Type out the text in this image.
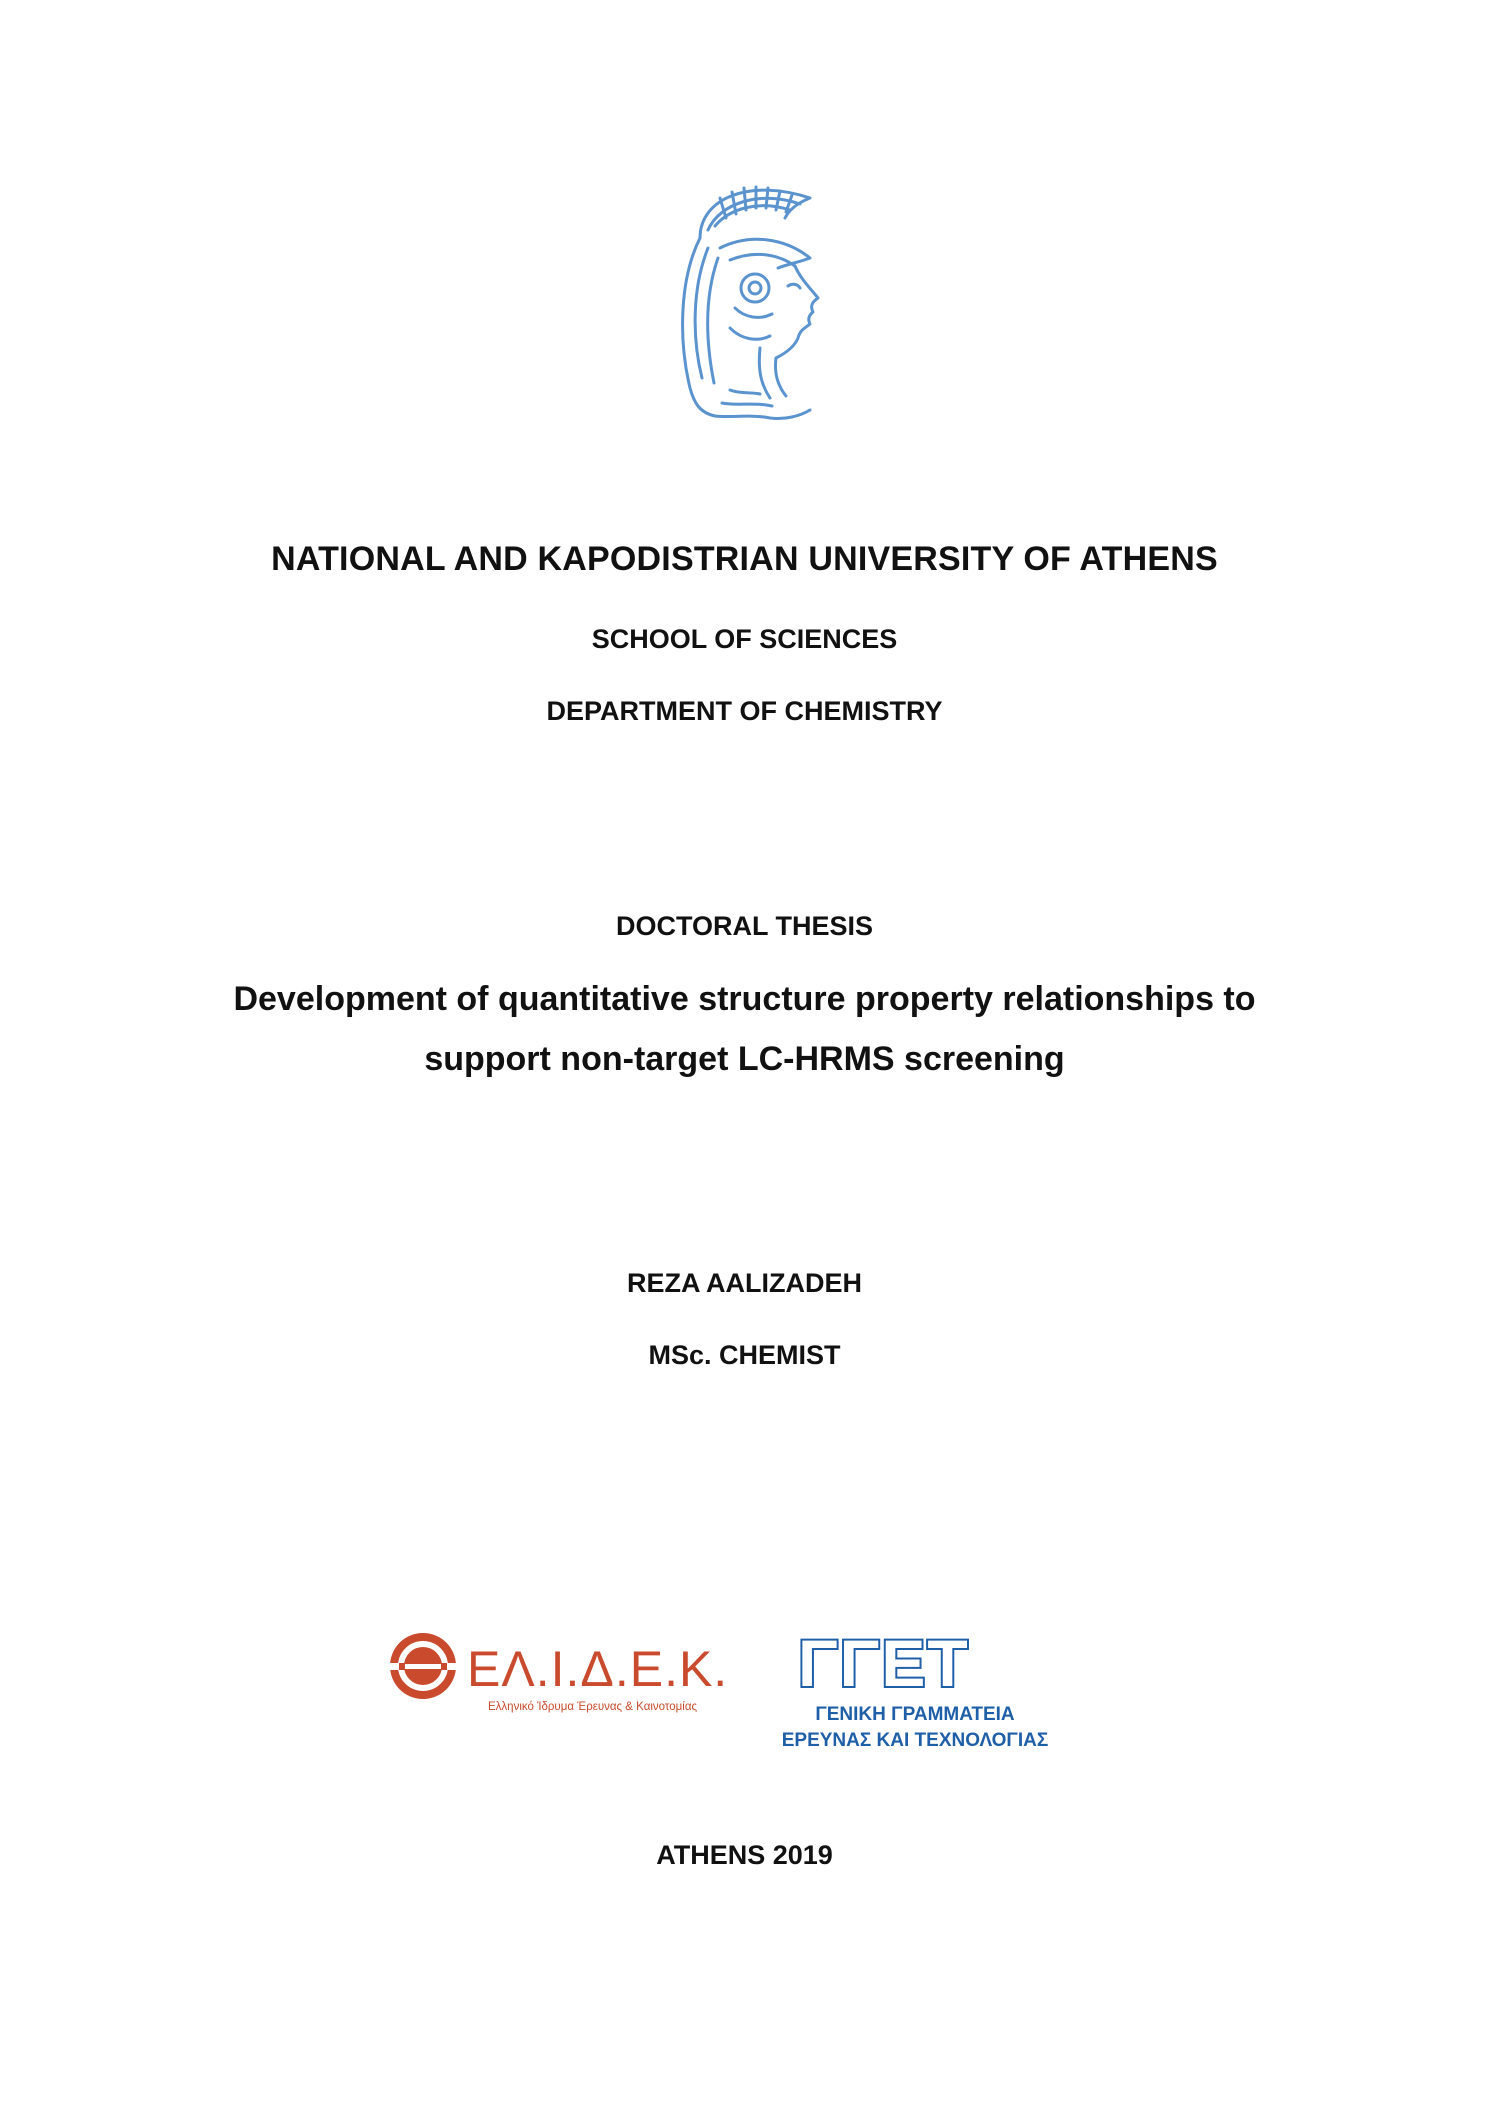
NATIONAL AND KAPODISTRIAN UNIVERSITY OF ATHENS
SCHOOL OF SCIENCES
DEPARTMENT OF CHEMISTRY
DOCTORAL THESIS
Development of quantitative structure property relationships to
support non-target LC-HRMS screening
REZA AALIZADEH
MSc. CHEMIST
ΕΛ.Ι.Δ.Ε.Κ.
Ελληνικό Ίδρυμα Έρευνας & Καινοτομίας
ΓΓΕΤ
ΓΕΝΙΚΗ ΓΡΑΜΜΑΤΕΙΑ
ΕΡΕΥΝΑΣ ΚΑΙ ΤΕΧΝΟΛΟΓΙΑΣ
ATHENS 2019
